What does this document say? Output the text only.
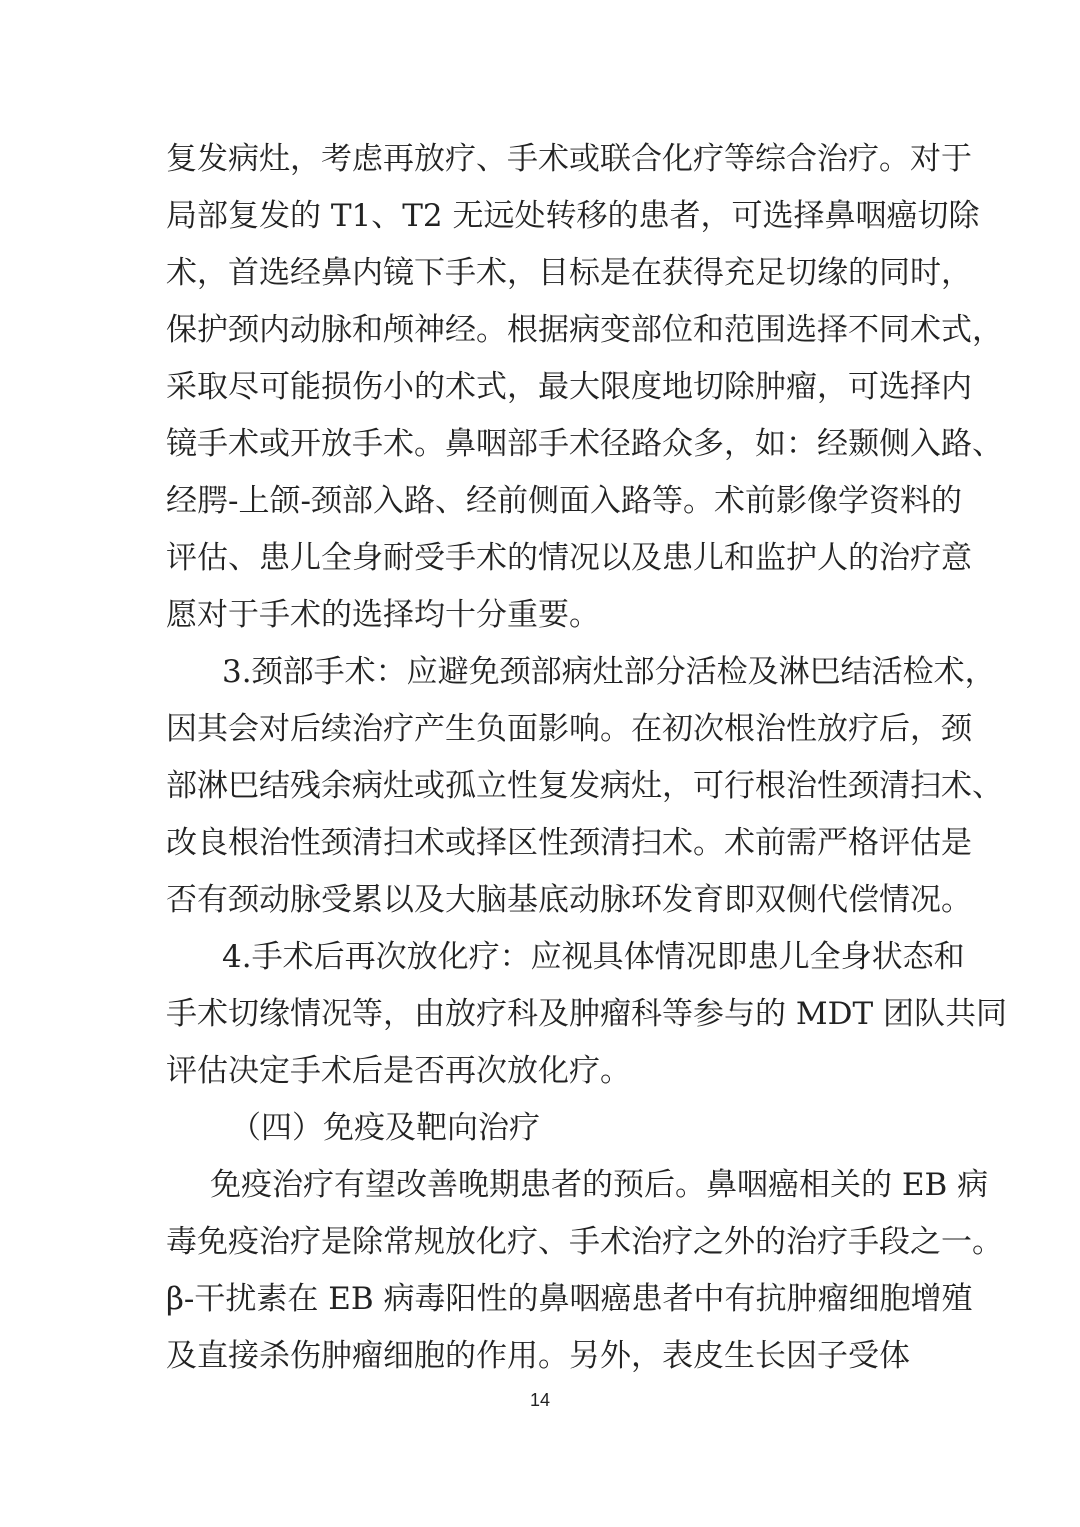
复发病灶，考虑再放疗、手术或联合化疗等综合治疗。对于
局部复发的 T1、T2 无远处转移的患者，可选择鼻咽癌切除
术，首选经鼻内镜下手术，目标是在获得充足切缘的同时，
保护颈内动脉和颅神经。根据病变部位和范围选择不同术式，
采取尽可能损伤小的术式，最大限度地切除肿瘤，可选择内
镜手术或开放手术。鼻咽部手术径路众多，如：经颞侧入路、
经腭-上颌-颈部入路、经前侧面入路等。术前影像学资料的
评估、患儿全身耐受手术的情况以及患儿和监护人的治疗意
愿对于手术的选择均十分重要。
3.颈部手术：应避免颈部病灶部分活检及淋巴结活检术，
因其会对后续治疗产生负面影响。在初次根治性放疗后，颈
部淋巴结残余病灶或孤立性复发病灶，可行根治性颈清扫术、
改良根治性颈清扫术或择区性颈清扫术。术前需严格评估是
否有颈动脉受累以及大脑基底动脉环发育即双侧代偿情况。
4.手术后再次放化疗：应视具体情况即患儿全身状态和
手术切缘情况等，由放疗科及肿瘤科等参与的 MDT 团队共同
评估决定手术后是否再次放化疗。
（四）免疫及靶向治疗
免疫治疗有望改善晚期患者的预后。鼻咽癌相关的 EB 病
毒免疫治疗是除常规放化疗、手术治疗之外的治疗手段之一。
β-干扰素在 EB 病毒阳性的鼻咽癌患者中有抗肿瘤细胞增殖
及直接杀伤肿瘤细胞的作用。另外，表皮生长因子受体
14
